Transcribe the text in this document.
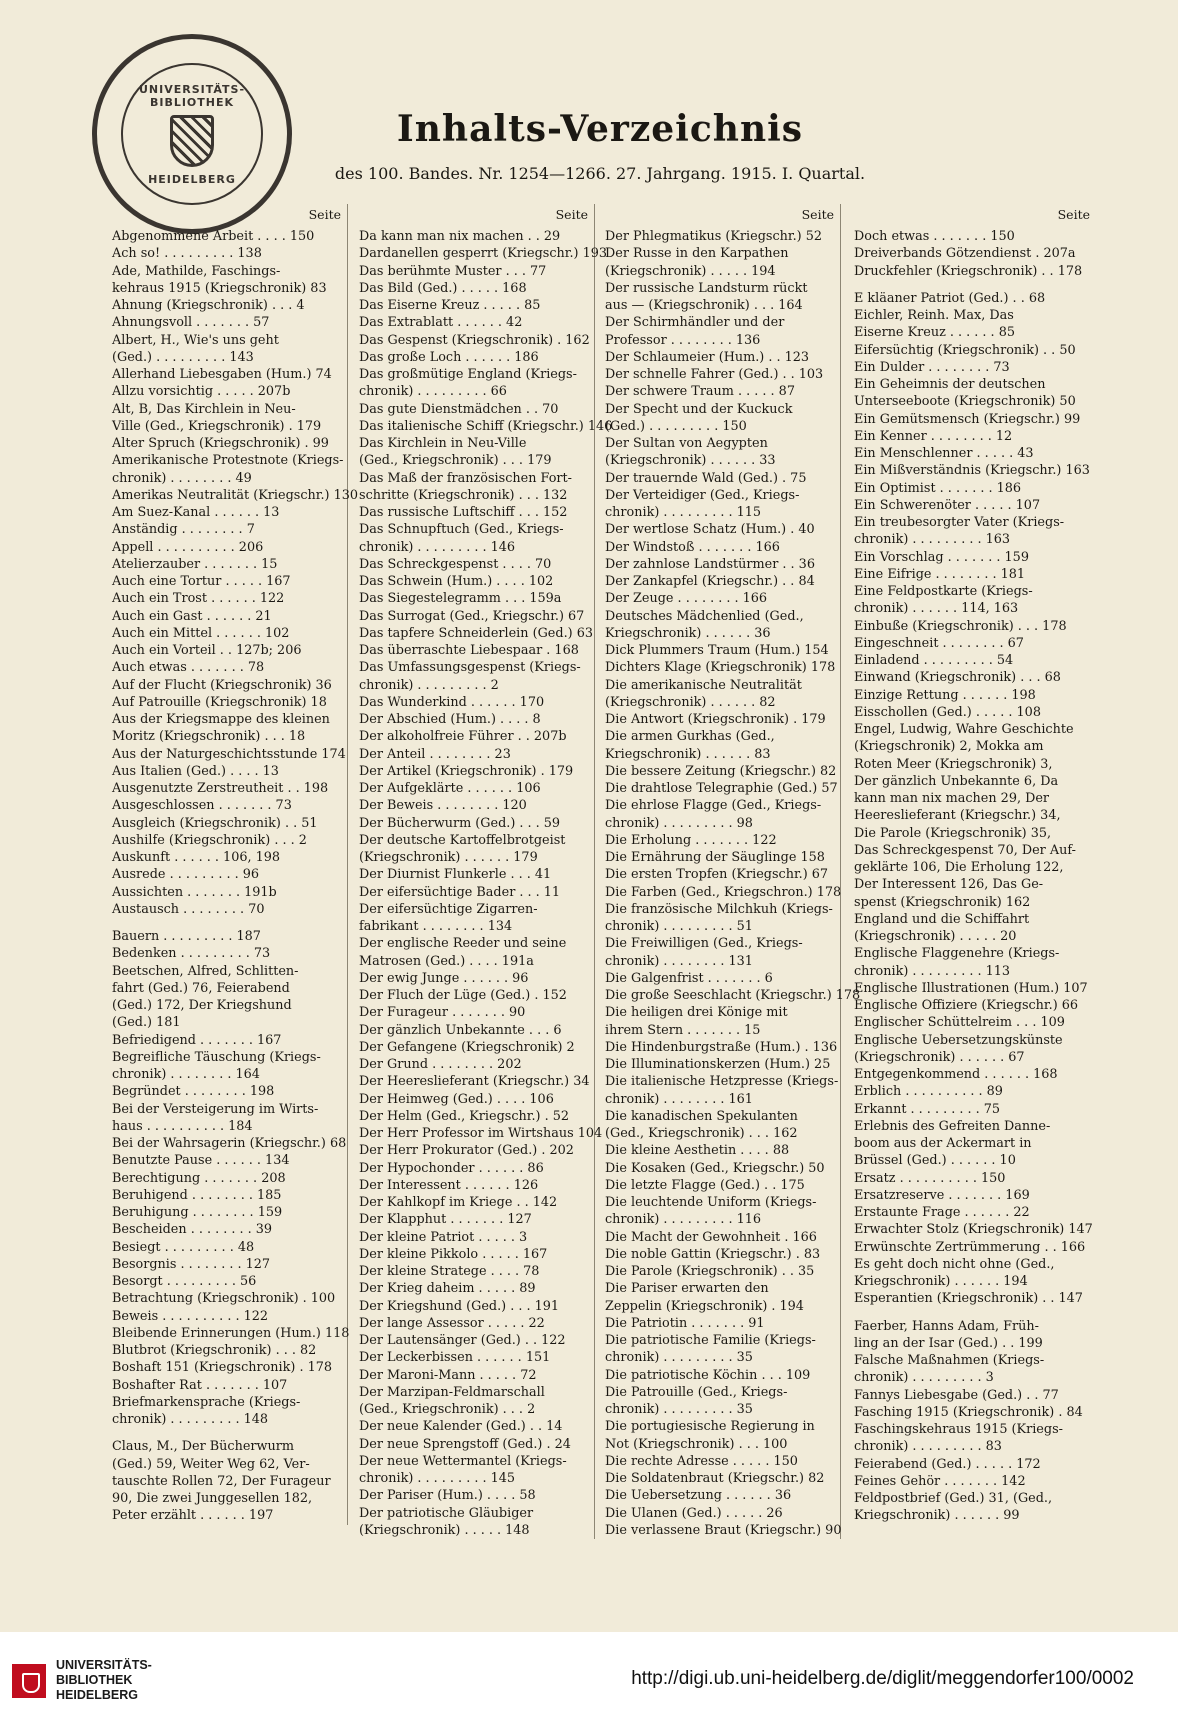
UNIVERSITÄTS-BIBLIOTHEK
HEIDELBERG
Inhalts-Verzeichnis
des 100. Bandes. Nr. 1254—1266. 27. Jahrgang. 1915. I. Quartal.
Seite
Abgenommene Arbeit . . . . 150
Ach so! . . . . . . . . . 138
Ade, Mathilde, Faschings-
kehraus 1915 (Kriegschronik) 83
Ahnung (Kriegschronik) . . . 4
Ahnungsvoll . . . . . . . 57
Albert, H., Wie's uns geht
(Ged.) . . . . . . . . . 143
Allerhand Liebesgaben (Hum.) 74
Allzu vorsichtig . . . . . 207b
Alt, B, Das Kirchlein in Neu-
Ville (Ged., Kriegschronik) . 179
Alter Spruch (Kriegschronik) . 99
Amerikanische Protestnote (Kriegs-
chronik) . . . . . . . . 49
Amerikas Neutralität (Kriegschr.) 130
Am Suez-Kanal . . . . . . 13
Anständig . . . . . . . . 7
Appell . . . . . . . . . . 206
Atelierzauber . . . . . . . 15
Auch eine Tortur . . . . . 167
Auch ein Trost . . . . . . 122
Auch ein Gast . . . . . . 21
Auch ein Mittel . . . . . . 102
Auch ein Vorteil . . 127b; 206
Auch etwas . . . . . . . 78
Auf der Flucht (Kriegschronik) 36
Auf Patrouille (Kriegschronik) 18
Aus der Kriegsmappe des kleinen
Moritz (Kriegschronik) . . . 18
Aus der Naturgeschichtsstunde 174
Aus Italien (Ged.) . . . . 13
Ausgenutzte Zerstreutheit . . 198
Ausgeschlossen . . . . . . . 73
Ausgleich (Kriegschronik) . . 51
Aushilfe (Kriegschronik) . . . 2
Auskunft . . . . . . 106, 198
Ausrede . . . . . . . . . 96
Aussichten . . . . . . . 191b
Austausch . . . . . . . . 70
Bauern . . . . . . . . . 187
Bedenken . . . . . . . . . 73
Beetschen, Alfred, Schlitten-
fahrt (Ged.) 76, Feierabend
(Ged.) 172, Der Kriegshund
(Ged.) 181
Befriedigend . . . . . . . 167
Begreifliche Täuschung (Kriegs-
chronik) . . . . . . . . 164
Begründet . . . . . . . . 198
Bei der Versteigerung im Wirts-
haus . . . . . . . . . . 184
Bei der Wahrsagerin (Kriegschr.) 68
Benutzte Pause . . . . . . 134
Berechtigung . . . . . . . 208
Beruhigend . . . . . . . . 185
Beruhigung . . . . . . . . 159
Bescheiden . . . . . . . . 39
Besiegt . . . . . . . . . 48
Besorgnis . . . . . . . . 127
Besorgt . . . . . . . . . 56
Betrachtung (Kriegschronik) . 100
Beweis . . . . . . . . . . 122
Bleibende Erinnerungen (Hum.) 118
Blutbrot (Kriegschronik) . . . 82
Boshaft 151 (Kriegschronik) . 178
Boshafter Rat . . . . . . . 107
Briefmarkensprache (Kriegs-
chronik) . . . . . . . . . 148
Claus, M., Der Bücherwurm
(Ged.) 59, Weiter Weg 62, Ver-
tauschte Rollen 72, Der Furageur
90, Die zwei Junggesellen 182,
Peter erzählt . . . . . . 197
Seite
Da kann man nix machen . . 29
Dardanellen gesperrt (Kriegschr.) 193
Das berühmte Muster . . . 77
Das Bild (Ged.) . . . . . 168
Das Eiserne Kreuz . . . . . 85
Das Extrablatt . . . . . . 42
Das Gespenst (Kriegschronik) . 162
Das große Loch . . . . . . 186
Das großmütige England (Kriegs-
chronik) . . . . . . . . . 66
Das gute Dienstmädchen . . 70
Das italienische Schiff (Kriegschr.) 146
Das Kirchlein in Neu-Ville
(Ged., Kriegschronik) . . . 179
Das Maß der französischen Fort-
schritte (Kriegschronik) . . . 132
Das russische Luftschiff . . . 152
Das Schnupftuch (Ged., Kriegs-
chronik) . . . . . . . . . 146
Das Schreckgespenst . . . . 70
Das Schwein (Hum.) . . . . 102
Das Siegestelegramm . . . 159a
Das Surrogat (Ged., Kriegschr.) 67
Das tapfere Schneiderlein (Ged.) 63
Das überraschte Liebespaar . 168
Das Umfassungsgespenst (Kriegs-
chronik) . . . . . . . . . 2
Das Wunderkind . . . . . . 170
Der Abschied (Hum.) . . . . 8
Der alkoholfreie Führer . . 207b
Der Anteil . . . . . . . . 23
Der Artikel (Kriegschronik) . 179
Der Aufgeklärte . . . . . . 106
Der Beweis . . . . . . . . 120
Der Bücherwurm (Ged.) . . . 59
Der deutsche Kartoffelbrotgeist
(Kriegschronik) . . . . . . 179
Der Diurnist Flunkerle . . . 41
Der eifersüchtige Bader . . . 11
Der eifersüchtige Zigarren-
fabrikant . . . . . . . . 134
Der englische Reeder und seine
Matrosen (Ged.) . . . . 191a
Der ewig Junge . . . . . . 96
Der Fluch der Lüge (Ged.) . 152
Der Furageur . . . . . . . 90
Der gänzlich Unbekannte . . . 6
Der Gefangene (Kriegschronik) 2
Der Grund . . . . . . . . 202
Der Heereslieferant (Kriegschr.) 34
Der Heimweg (Ged.) . . . . 106
Der Helm (Ged., Kriegschr.) . 52
Der Herr Professor im Wirtshaus 104
Der Herr Prokurator (Ged.) . 202
Der Hypochonder . . . . . . 86
Der Interessent . . . . . . 126
Der Kahlkopf im Kriege . . 142
Der Klapphut . . . . . . . 127
Der kleine Patriot . . . . . 3
Der kleine Pikkolo . . . . . 167
Der kleine Stratege . . . . 78
Der Krieg daheim . . . . . 89
Der Kriegshund (Ged.) . . . 191
Der lange Assessor . . . . . 22
Der Lautensänger (Ged.) . . 122
Der Leckerbissen . . . . . . 151
Der Maroni-Mann . . . . . 72
Der Marzipan-Feldmarschall
(Ged., Kriegschronik) . . . 2
Der neue Kalender (Ged.) . . 14
Der neue Sprengstoff (Ged.) . 24
Der neue Wettermantel (Kriegs-
chronik) . . . . . . . . . 145
Der Pariser (Hum.) . . . . 58
Der patriotische Gläubiger
(Kriegschronik) . . . . . 148
Seite
Der Phlegmatikus (Kriegschr.) 52
Der Russe in den Karpathen
(Kriegschronik) . . . . . 194
Der russische Landsturm rückt
aus — (Kriegschronik) . . . 164
Der Schirmhändler und der
Professor . . . . . . . . 136
Der Schlaumeier (Hum.) . . 123
Der schnelle Fahrer (Ged.) . . 103
Der schwere Traum . . . . . 87
Der Specht und der Kuckuck
(Ged.) . . . . . . . . . 150
Der Sultan von Aegypten
(Kriegschronik) . . . . . . 33
Der trauernde Wald (Ged.) . 75
Der Verteidiger (Ged., Kriegs-
chronik) . . . . . . . . . 115
Der wertlose Schatz (Hum.) . 40
Der Windstoß . . . . . . . 166
Der zahnlose Landstürmer . . 36
Der Zankapfel (Kriegschr.) . . 84
Der Zeuge . . . . . . . . 166
Deutsches Mädchenlied (Ged.,
Kriegschronik) . . . . . . 36
Dick Plummers Traum (Hum.) 154
Dichters Klage (Kriegschronik) 178
Die amerikanische Neutralität
(Kriegschronik) . . . . . . 82
Die Antwort (Kriegschronik) . 179
Die armen Gurkhas (Ged.,
Kriegschronik) . . . . . . 83
Die bessere Zeitung (Kriegschr.) 82
Die drahtlose Telegraphie (Ged.) 57
Die ehrlose Flagge (Ged., Kriegs-
chronik) . . . . . . . . . 98
Die Erholung . . . . . . . 122
Die Ernährung der Säuglinge 158
Die ersten Tropfen (Kriegschr.) 67
Die Farben (Ged., Kriegschron.) 178
Die französische Milchkuh (Kriegs-
chronik) . . . . . . . . . 51
Die Freiwilligen (Ged., Kriegs-
chronik) . . . . . . . . 131
Die Galgenfrist . . . . . . . 6
Die große Seeschlacht (Kriegschr.) 178
Die heiligen drei Könige mit
ihrem Stern . . . . . . . 15
Die Hindenburgstraße (Hum.) . 136
Die Illuminationskerzen (Hum.) 25
Die italienische Hetzpresse (Kriegs-
chronik) . . . . . . . . 161
Die kanadischen Spekulanten
(Ged., Kriegschronik) . . . 162
Die kleine Aesthetin . . . . 88
Die Kosaken (Ged., Kriegschr.) 50
Die letzte Flagge (Ged.) . . 175
Die leuchtende Uniform (Kriegs-
chronik) . . . . . . . . . 116
Die Macht der Gewohnheit . 166
Die noble Gattin (Kriegschr.) . 83
Die Parole (Kriegschronik) . . 35
Die Pariser erwarten den
Zeppelin (Kriegschronik) . 194
Die Patriotin . . . . . . . 91
Die patriotische Familie (Kriegs-
chronik) . . . . . . . . . 35
Die patriotische Köchin . . . 109
Die Patrouille (Ged., Kriegs-
chronik) . . . . . . . . . 35
Die portugiesische Regierung in
Not (Kriegschronik) . . . 100
Die rechte Adresse . . . . . 150
Die Soldatenbraut (Kriegschr.) 82
Die Uebersetzung . . . . . . 36
Die Ulanen (Ged.) . . . . . 26
Die verlassene Braut (Kriegschr.) 90
Seite
Doch etwas . . . . . . . 150
Dreiverbands Götzendienst . 207a
Druckfehler (Kriegschronik) . . 178
E kläaner Patriot (Ged.) . . 68
Eichler, Reinh. Max, Das
Eiserne Kreuz . . . . . . 85
Eifersüchtig (Kriegschronik) . . 50
Ein Dulder . . . . . . . . 73
Ein Geheimnis der deutschen
Unterseeboote (Kriegschronik) 50
Ein Gemütsmensch (Kriegschr.) 99
Ein Kenner . . . . . . . . 12
Ein Menschlenner . . . . . 43
Ein Mißverständnis (Kriegschr.) 163
Ein Optimist . . . . . . . 186
Ein Schwerenöter . . . . . 107
Ein treubesorgter Vater (Kriegs-
chronik) . . . . . . . . . 163
Ein Vorschlag . . . . . . . 159
Eine Eifrige . . . . . . . . 181
Eine Feldpostkarte (Kriegs-
chronik) . . . . . . 114, 163
Einbuße (Kriegschronik) . . . 178
Eingeschneit . . . . . . . . 67
Einladend . . . . . . . . . 54
Einwand (Kriegschronik) . . . 68
Einzige Rettung . . . . . . 198
Eisschollen (Ged.) . . . . . 108
Engel, Ludwig, Wahre Geschichte
(Kriegschronik) 2, Mokka am
Roten Meer (Kriegschronik) 3,
Der gänzlich Unbekannte 6, Da
kann man nix machen 29, Der
Heereslieferant (Kriegschr.) 34,
Die Parole (Kriegschronik) 35,
Das Schreckgespenst 70, Der Auf-
geklärte 106, Die Erholung 122,
Der Interessent 126, Das Ge-
spenst (Kriegschronik) 162
England und die Schiffahrt
(Kriegschronik) . . . . . 20
Englische Flaggenehre (Kriegs-
chronik) . . . . . . . . . 113
Englische Illustrationen (Hum.) 107
Englische Offiziere (Kriegschr.) 66
Englischer Schüttelreim . . . 109
Englische Uebersetzungskünste
(Kriegschronik) . . . . . . 67
Entgegenkommend . . . . . . 168
Erblich . . . . . . . . . . 89
Erkannt . . . . . . . . . 75
Erlebnis des Gefreiten Danne-
boom aus der Ackermart in
Brüssel (Ged.) . . . . . . 10
Ersatz . . . . . . . . . . 150
Ersatzreserve . . . . . . . 169
Erstaunte Frage . . . . . . 22
Erwachter Stolz (Kriegschronik) 147
Erwünschte Zertrümmerung . . 166
Es geht doch nicht ohne (Ged.,
Kriegschronik) . . . . . . 194
Esperantien (Kriegschronik) . . 147
Faerber, Hanns Adam, Früh-
ling an der Isar (Ged.) . . 199
Falsche Maßnahmen (Kriegs-
chronik) . . . . . . . . . 3
Fannys Liebesgabe (Ged.) . . 77
Fasching 1915 (Kriegschronik) . 84
Faschingskehraus 1915 (Kriegs-
chronik) . . . . . . . . . 83
Feierabend (Ged.) . . . . . 172
Feines Gehör . . . . . . . 142
Feldpostbrief (Ged.) 31, (Ged.,
Kriegschronik) . . . . . . 99
UNIVERSITÄTS-
BIBLIOTHEK
HEIDELBERG
http://digi.ub.uni-heidelberg.de/diglit/meggendorfer100/0002
